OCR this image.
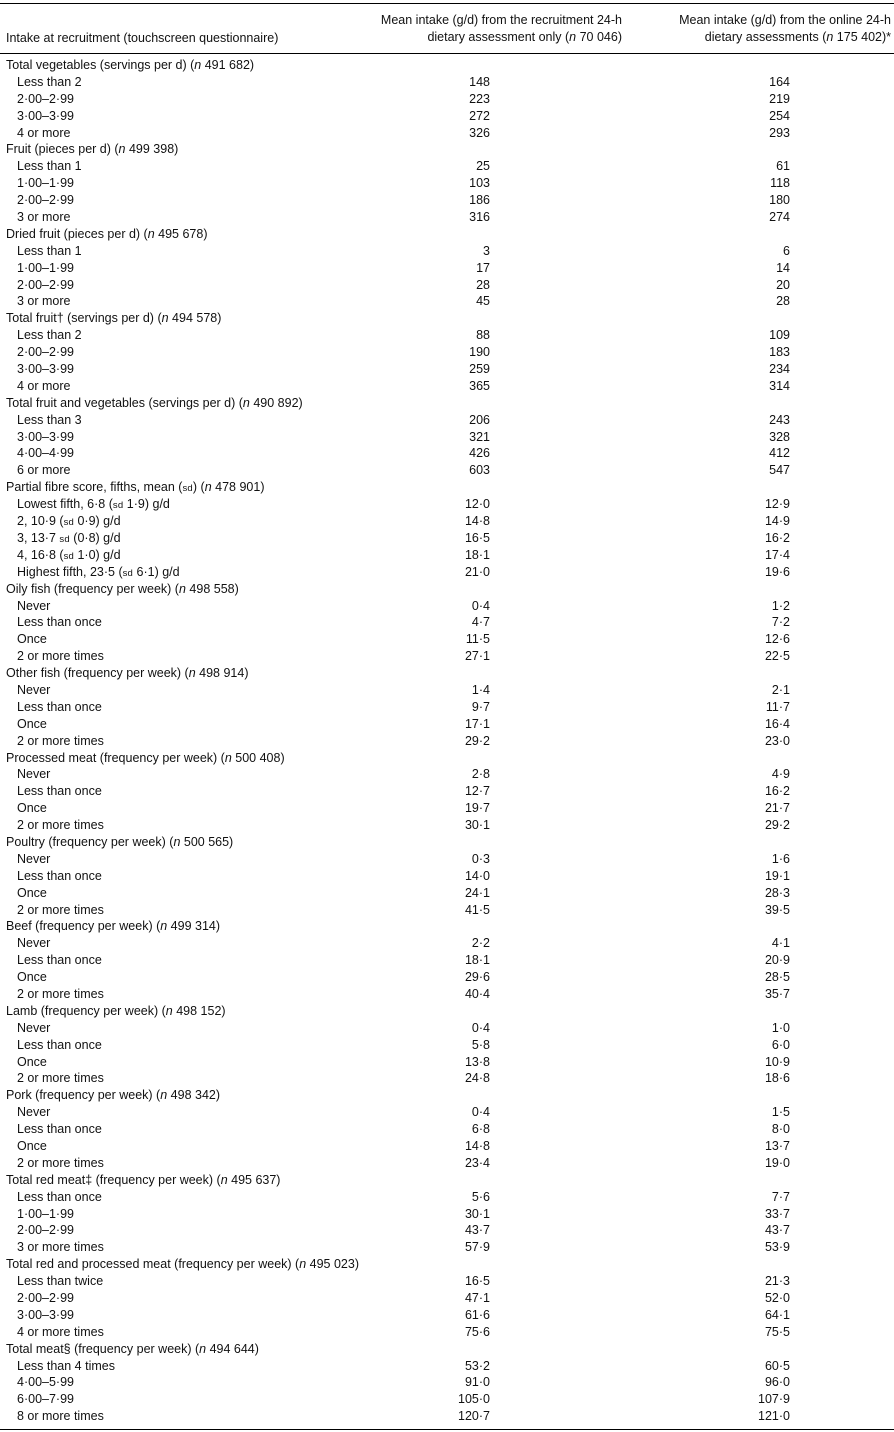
Intake at recruitment (touchscreen questionnaire)
Mean intake (g/d) from the recruitment 24-h
dietary assessment only (n 70 046)
Mean intake (g/d) from the online 24-h
dietary assessments (n 175 402)*
Total vegetables (servings per d) (n 491 682)
Less than 2	148	164
2·00–2·99	223	219
3·00–3·99	272	254
4 or more	326	293
Fruit (pieces per d) (n 499 398)
Less than 1	25	61
1·00–1·99	103	118
2·00–2·99	186	180
3 or more	316	274
Dried fruit (pieces per d) (n 495 678)
Less than 1	3	6
1·00–1·99	17	14
2·00–2·99	28	20
3 or more	45	28
Total fruit† (servings per d) (n 494 578)
Less than 2	88	109
2·00–2·99	190	183
3·00–3·99	259	234
4 or more	365	314
Total fruit and vegetables (servings per d) (n 490 892)
Less than 3	206	243
3·00–3·99	321	328
4·00–4·99	426	412
6 or more	603	547
Partial fibre score, fifths, mean (sd) (n 478 901)
Lowest fifth, 6·8 (sd 1·9) g/d	12·0	12·9
2, 10·9 (sd 0·9) g/d	14·8	14·9
3, 13·7 sd (0·8) g/d	16·5	16·2
4, 16·8 (sd 1·0) g/d	18·1	17·4
Highest fifth, 23·5 (sd 6·1) g/d	21·0	19·6
Oily fish (frequency per week) (n 498 558)
Never	0·4	1·2
Less than once	4·7	7·2
Once	11·5	12·6
2 or more times	27·1	22·5
Other fish (frequency per week) (n 498 914)
Never	1·4	2·1
Less than once	9·7	11·7
Once	17·1	16·4
2 or more times	29·2	23·0
Processed meat (frequency per week) (n 500 408)
Never	2·8	4·9
Less than once	12·7	16·2
Once	19·7	21·7
2 or more times	30·1	29·2
Poultry (frequency per week) (n 500 565)
Never	0·3	1·6
Less than once	14·0	19·1
Once	24·1	28·3
2 or more times	41·5	39·5
Beef (frequency per week) (n 499 314)
Never	2·2	4·1
Less than once	18·1	20·9
Once	29·6	28·5
2 or more times	40·4	35·7
Lamb (frequency per week) (n 498 152)
Never	0·4	1·0
Less than once	5·8	6·0
Once	13·8	10·9
2 or more times	24·8	18·6
Pork (frequency per week) (n 498 342)
Never	0·4	1·5
Less than once	6·8	8·0
Once	14·8	13·7
2 or more times	23·4	19·0
Total red meat‡ (frequency per week) (n 495 637)
Less than once	5·6	7·7
1·00–1·99	30·1	33·7
2·00–2·99	43·7	43·7
3 or more times	57·9	53·9
Total red and processed meat (frequency per week) (n 495 023)
Less than twice	16·5	21·3
2·00–2·99	47·1	52·0
3·00–3·99	61·6	64·1
4 or more times	75·6	75·5
Total meat§ (frequency per week) (n 494 644)
Less than 4 times	53·2	60·5
4·00–5·99	91·0	96·0
6·00–7·99	105·0	107·9
8 or more times	120·7	121·0
